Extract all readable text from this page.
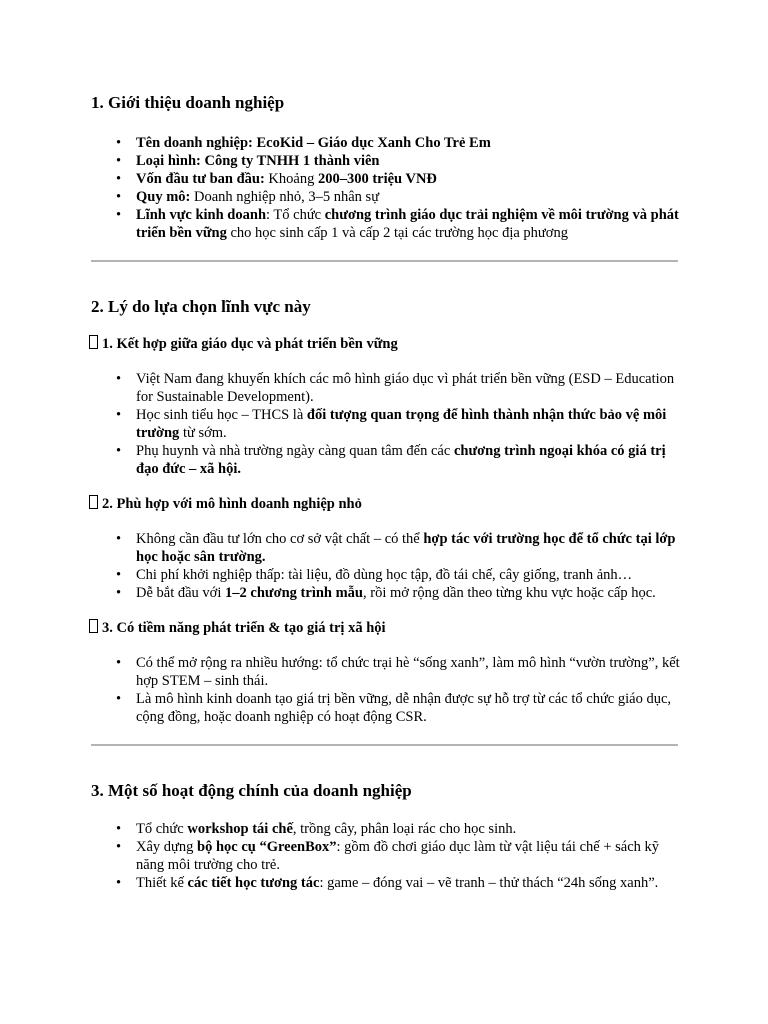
1. Giới thiệu doanh nghiệp
• Tên doanh nghiệp: EcoKid – Giáo dục Xanh Cho Trẻ Em
• Loại hình: Công ty TNHH 1 thành viên
• Vốn đầu tư ban đầu: Khoảng 200–300 triệu VNĐ
• Quy mô: Doanh nghiệp nhỏ, 3–5 nhân sự
• Lĩnh vực kinh doanh: Tổ chức chương trình giáo dục trải nghiệm về môi trường và phát triển bền vững cho học sinh cấp 1 và cấp 2 tại các trường học địa phương
2. Lý do lựa chọn lĩnh vực này
1. Kết hợp giữa giáo dục và phát triển bền vững
• Việt Nam đang khuyến khích các mô hình giáo dục vì phát triển bền vững (ESD – Education for Sustainable Development).
• Học sinh tiểu học – THCS là đối tượng quan trọng để hình thành nhận thức bảo vệ môi trường từ sớm.
• Phụ huynh và nhà trường ngày càng quan tâm đến các chương trình ngoại khóa có giá trị đạo đức – xã hội.
2. Phù hợp với mô hình doanh nghiệp nhỏ
• Không cần đầu tư lớn cho cơ sở vật chất – có thể hợp tác với trường học để tổ chức tại lớp học hoặc sân trường.
• Chi phí khởi nghiệp thấp: tài liệu, đồ dùng học tập, đồ tái chế, cây giống, tranh ảnh…
• Dễ bắt đầu với 1–2 chương trình mẫu, rồi mở rộng dần theo từng khu vực hoặc cấp học.
3. Có tiềm năng phát triển & tạo giá trị xã hội
• Có thể mở rộng ra nhiều hướng: tổ chức trại hè “sống xanh”, làm mô hình “vườn trường”, kết hợp STEM – sinh thái.
• Là mô hình kinh doanh tạo giá trị bền vững, dễ nhận được sự hỗ trợ từ các tổ chức giáo dục, cộng đồng, hoặc doanh nghiệp có hoạt động CSR.
3. Một số hoạt động chính của doanh nghiệp
• Tổ chức workshop tái chế, trồng cây, phân loại rác cho học sinh.
• Xây dựng bộ học cụ “GreenBox”: gồm đồ chơi giáo dục làm từ vật liệu tái chế + sách kỹ năng môi trường cho trẻ.
• Thiết kế các tiết học tương tác: game – đóng vai – vẽ tranh – thử thách “24h sống xanh”.
